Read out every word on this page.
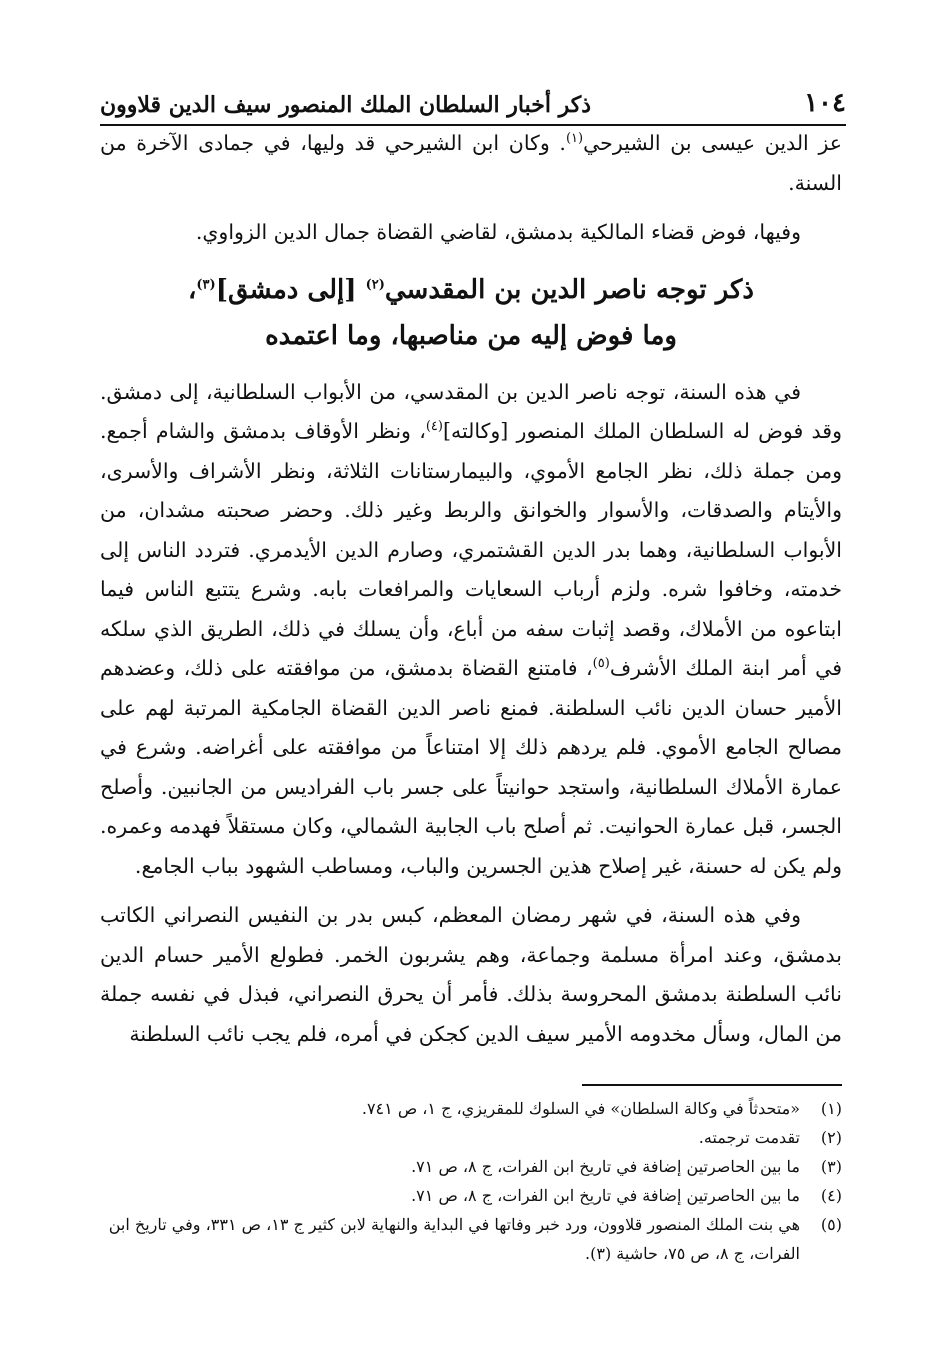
١٠٤
ذكر أخبار السلطان الملك المنصور سيف الدين قلاوون

عز الدين عيسى بن الشيرحي$^{(١)}$. وكان ابن الشيرحي قد وليها، في جمادى الآخرة من السنة.

وفيها، فوض قضاء المالكية بدمشق، لقاضي القضاة جمال الدين الزواوي.

ذكر توجه ناصر الدين بن المقدسي$^{(٢)}$ [إلى دمشق]$^{(٣)}$،
وما فوض إليه من مناصبها، وما اعتمده

في هذه السنة، توجه ناصر الدين بن المقدسي، من الأبواب السلطانية، إلى دمشق. وقد فوض له السلطان الملك المنصور [وكالته]$^{(٤)}$، ونظر الأوقاف بدمشق والشام أجمع. ومن جملة ذلك، نظر الجامع الأموي، والبيمارستانات الثلاثة، ونظر الأشراف والأسرى، والأيتام والصدقات، والأسوار والخوانق والربط وغير ذلك. وحضر صحبته مشدان، من الأبواب السلطانية، وهما بدر الدين القشتمري، وصارم الدين الأيدمري. فتردد الناس إلى خدمته، وخافوا شره. ولزم أرباب السعايات والمرافعات بابه. وشرع يتتبع الناس فيما ابتاعوه من الأملاك، وقصد إثبات سفه من أباع، وأن يسلك في ذلك، الطريق الذي سلكه في أمر ابنة الملك الأشرف$^{(٥)}$، فامتنع القضاة بدمشق، من موافقته على ذلك، وعضدهم الأمير حسان الدين نائب السلطنة. فمنع ناصر الدين القضاة الجامكية المرتبة لهم على مصالح الجامع الأموي. فلم يردهم ذلك إلا امتناعاً من موافقته على أغراضه. وشرع في عمارة الأملاك السلطانية، واستجد حوانيتاً على جسر باب الفراديس من الجانبين. وأصلح الجسر، قبل عمارة الحوانيت. ثم أصلح باب الجابية الشمالي، وكان مستقلاً فهدمه وعمره. ولم يكن له حسنة، غير إصلاح هذين الجسرين والباب، ومساطب الشهود بباب الجامع.

وفي هذه السنة، في شهر رمضان المعظم، كبس بدر بن النفيس النصراني الكاتب بدمشق، وعند امرأة مسلمة وجماعة، وهم يشربون الخمر. فطولع الأمير حسام الدين نائب السلطنة بدمشق المحروسة بذلك. فأمر أن يحرق النصراني، فبذل في نفسه جملة من المال، وسأل مخدومه الأمير سيف الدين كجكن في أمره، فلم يجب نائب السلطنة

(١)
«متحدثاً في وكالة السلطان» في السلوك للمقريزي، ج ١، ص ٧٤١.
(٢)
تقدمت ترجمته.
(٣)
ما بين الحاصرتين إضافة في تاريخ ابن الفرات، ج ٨، ص ٧١.
(٤)
ما بين الحاصرتين إضافة في تاريخ ابن الفرات، ج ٨، ص ٧١.
(٥)
هي بنت الملك المنصور قلاوون، ورد خبر وفاتها في البداية والنهاية لابن كثير ج ١٣، ص ٣٣١، وفي تاريخ ابن الفرات، ج ٨، ص ٧٥، حاشية (٣).
